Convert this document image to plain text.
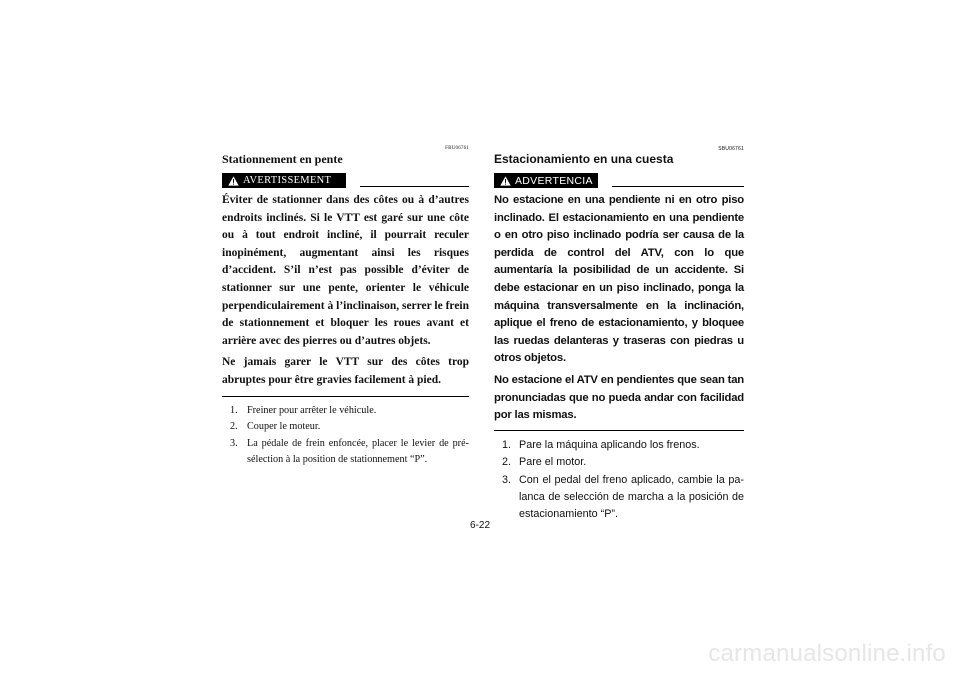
FBU06761
Stationnement en pente
AVERTISSEMENT

Éviter de stationner dans des côtes ou à d’autres endroits inclinés. Si le VTT est garé sur une côte ou à tout endroit incliné, il pourrait reculer inopinément, augmentant ainsi les risques d’accident. S’il n’est pas possible d’éviter de stationner sur une pente, orienter le véhicule perpendiculairement à l’inclinaison, serrer le frein de stationnement et bloquer les roues avant et arrière avec des pierres ou d’autres objets.

Ne jamais garer le VTT sur des côtes trop abruptes pour être gravies facilement à pied.

1. Freiner pour arrêter le véhicule.
2. Couper le moteur.
3. La pédale de frein enfoncée, placer le levier de présélection à la position de stationnement “P”.
SBU06761
Estacionamiento en una cuesta
ADVERTENCIA

No estacione en una pendiente ni en otro piso inclinado. El estacionamiento en una pendiente o en otro piso inclinado podría ser causa de la perdida de control del ATV, con lo que aumentaría la posibilidad de un accidente. Si debe estacionar en un piso inclinado, ponga la máquina transversalmente en la inclinación, aplique el freno de estacionamiento, y bloquee las ruedas delanteras y traseras con piedras u otros objetos.

No estacione el ATV en pendientes que sean tan pronunciadas que no pueda andar con facilidad por las mismas.

1. Pare la máquina aplicando los frenos.
2. Pare el motor.
3. Con el pedal del freno aplicado, cambie la palanca de selección de marcha a la posición de estacionamiento “P”.
6-22
carmanualsonline.info
